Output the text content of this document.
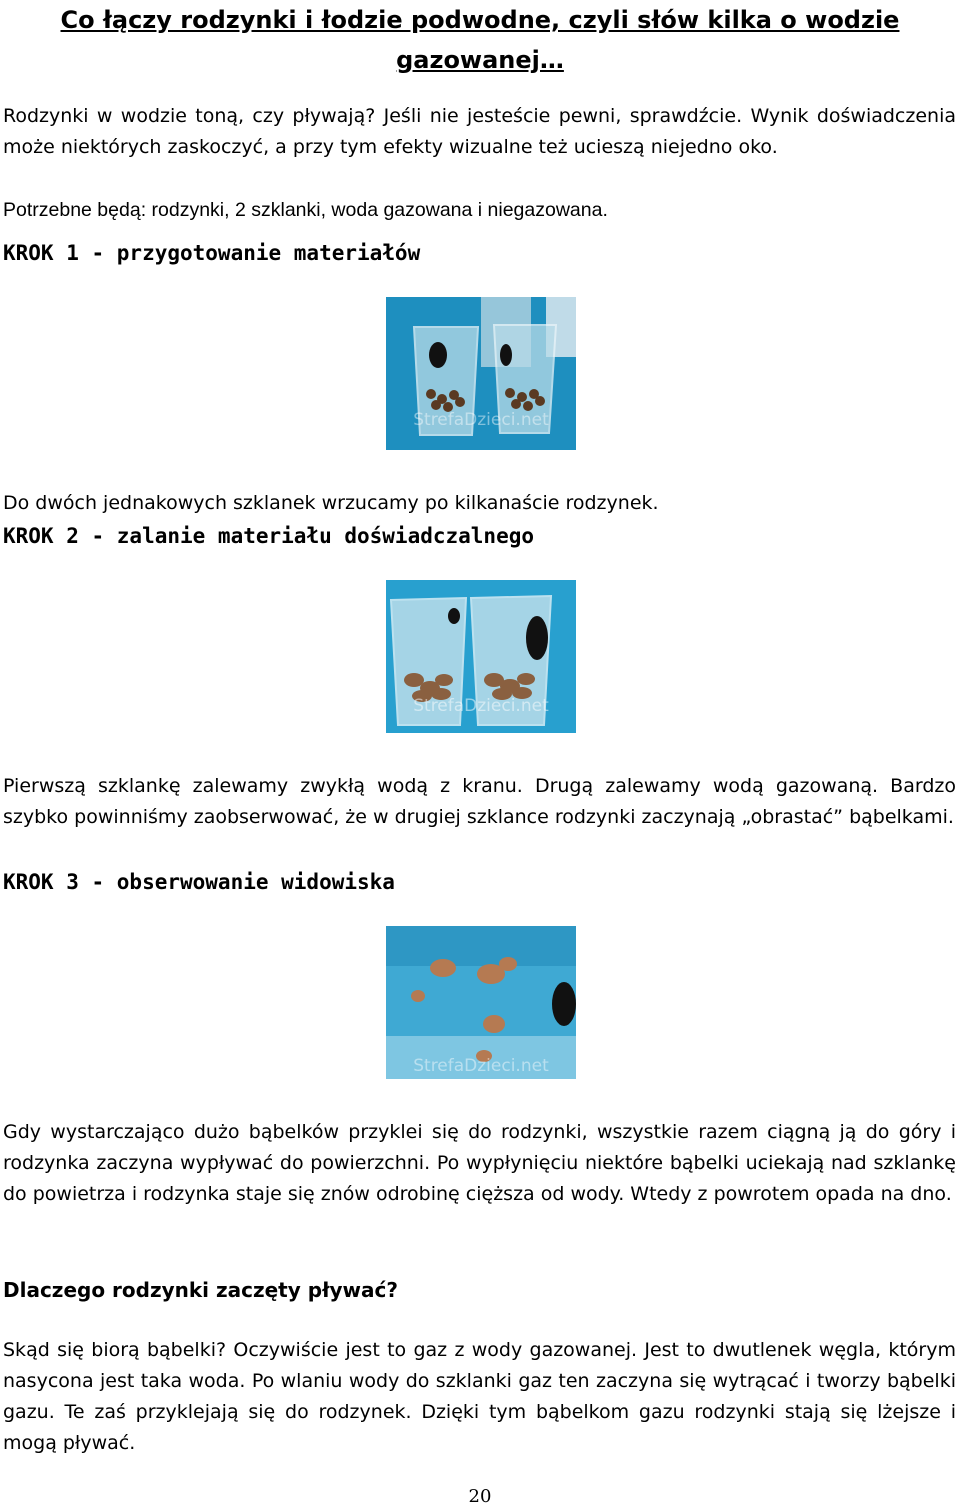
Co łączy rodzynki i łodzie podwodne, czyli słów kilka o wodzie gazowanej…

Rodzynki w wodzie toną, czy pływają? Jeśli nie jesteście pewni, sprawdźcie. Wynik doświadczenia może niektórych zaskoczyć, a przy tym efekty wizualne też ucieszą niejedno oko.

Potrzebne będą: rodzynki, 2 szklanki, woda gazowana i niegazowana.

KROK 1 - przygotowanie materiałów
StrefaDzieci.net

Do dwóch jednakowych szklanek wrzucamy po kilkanaście rodzynek.

KROK 2 - zalanie materiału doświadczalnego
StrefaDzieci.net

Pierwszą szklankę zalewamy zwykłą wodą z kranu. Drugą zalewamy wodą gazowaną. Bardzo szybko powinniśmy zaobserwować, że w drugiej szklance rodzynki zaczynają „obrastać” bąbelkami.

KROK 3 - obserwowanie widowiska
StrefaDzieci.net

Gdy wystarczająco dużo bąbelków przyklei się do rodzynki, wszystkie razem ciągną ją do góry i rodzynka zaczyna wypływać do powierzchni. Po wypłynięciu niektóre bąbelki uciekają nad szklankę do powietrza i rodzynka staje się znów odrobinę cięższa od wody. Wtedy z powrotem opada na dno.

Dlaczego rodzynki zaczęty pływać?

Skąd się biorą bąbelki? Oczywiście jest to gaz z wody gazowanej. Jest to dwutlenek węgla, którym nasycona jest taka woda. Po wlaniu wody do szklanki gaz ten zaczyna się wytrącać i tworzy bąbelki gazu. Te zaś przyklejają się do rodzynek. Dzięki tym bąbelkom gazu rodzynki stają się lżejsze i mogą pływać.

20
